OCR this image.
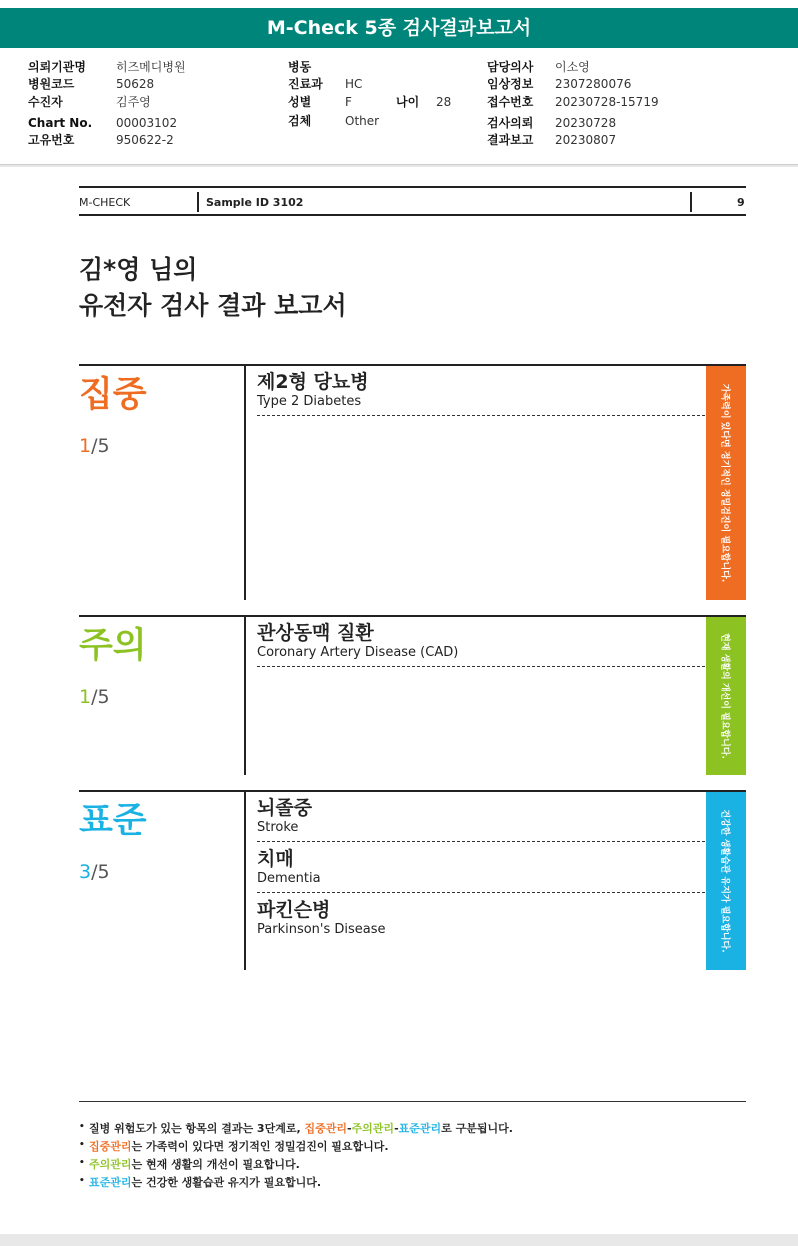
M-Check 5종 검사결과보고서
의뢰기관명	히즈메디병원
병원코드	50628
수진자	김주영
Chart No. 00003102
고유번호	950622-2
병동
진료과 HC
성별	F	나이 28
검체	Other
담당의사 이소영
임상정보 2307280076
접수번호 20230728-15719
검사의뢰 20230728
결과보고 20230807
M-CHECK	Sample ID 3102	9
김*영 님의
유전자 검사 결과 보고서
집중
1/5
제2형 당뇨병
Type 2 Diabetes	가족력이 있다면 정기적인 정밀검진이 필요합니다.
주의
1/5
관상동맥 질환
Coronary Artery Disease (CAD)	현재 생활의 개선이 필요합니다.
표준
3/5
뇌졸중
Stroke
치매
Dementia
파킨슨병
Parkinson's Disease	건강한 생활습관 유지가 필요합니다.
• 질병 위험도가 있는 항목의 결과는 3단계로, 집중관리-주의관리-표준관리로 구분됩니다.
• 집중관리는 가족력이 있다면 정기적인 정밀검진이 필요합니다.
• 주의관리는 현재 생활의 개선이 필요합니다.
• 표준관리는 건강한 생활습관 유지가 필요합니다.
